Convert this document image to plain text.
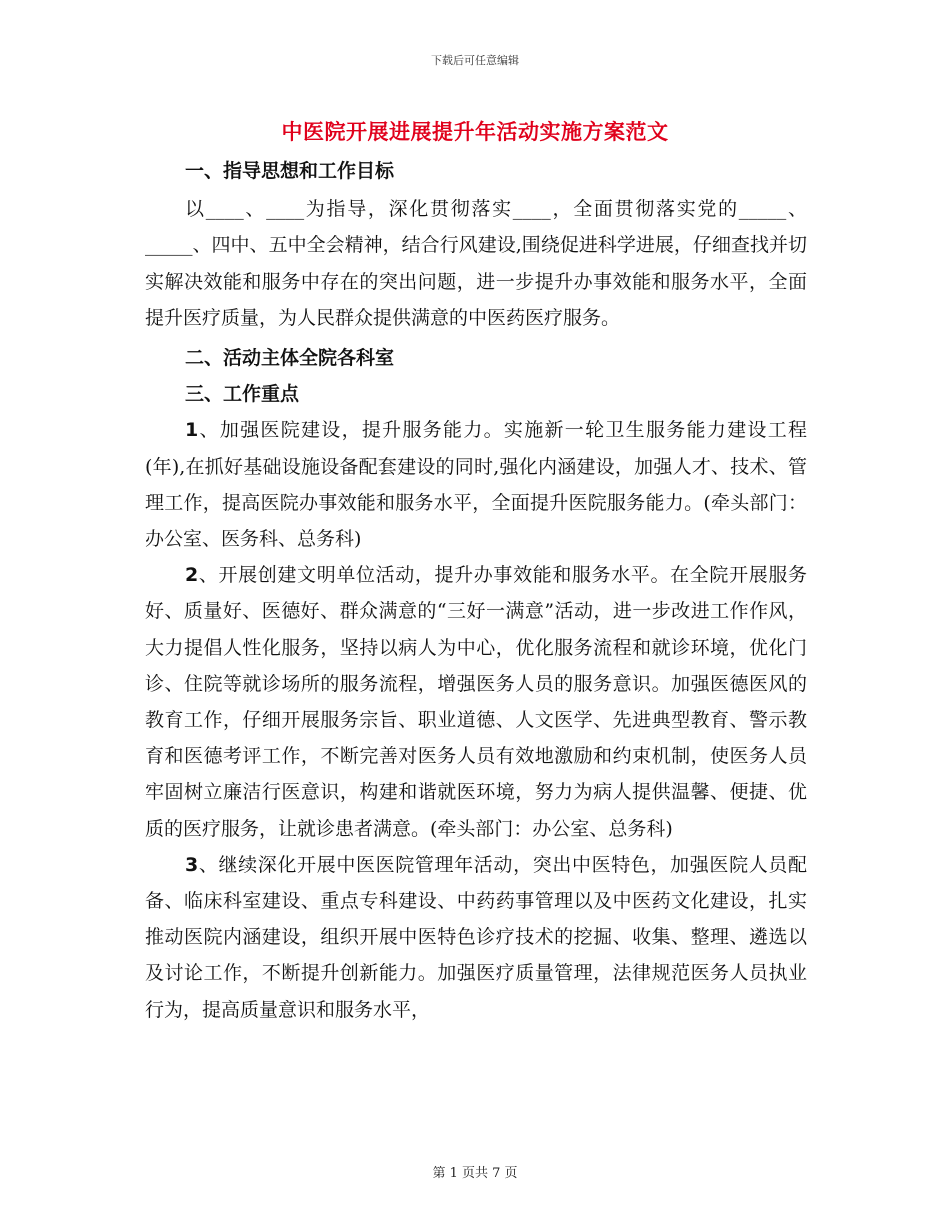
下载后可任意编辑
中医院开展进展提升年活动实施方案范文
一、指导思想和工作目标

以____、____为指导，深化贯彻落实____，全面贯彻落实党的_____、_____、四中、五中全会精神，结合行风建设,围绕促进科学进展，仔细查找并切实解决效能和服务中存在的突出问题，进一步提升办事效能和服务水平，全面提升医疗质量，为人民群众提供满意的中医药医疗服务。

二、活动主体全院各科室
三、工作重点

1、加强医院建设，提升服务能力。实施新一轮卫生服务能力建设工程(年),在抓好基础设施设备配套建设的同时,强化内涵建设，加强人才、技术、管理工作，提高医院办事效能和服务水平，全面提升医院服务能力。(牵头部门：办公室、医务科、总务科)

2、开展创建文明单位活动，提升办事效能和服务水平。在全院开展服务好、质量好、医德好、群众满意的“三好一满意”活动，进一步改进工作作风，大力提倡人性化服务，坚持以病人为中心，优化服务流程和就诊环境，优化门诊、住院等就诊场所的服务流程，增强医务人员的服务意识。加强医德医风的教育工作，仔细开展服务宗旨、职业道德、人文医学、先进典型教育、警示教育和医德考评工作，不断完善对医务人员有效地激励和约束机制，使医务人员牢固树立廉洁行医意识，构建和谐就医环境，努力为病人提供温馨、便捷、优质的医疗服务，让就诊患者满意。(牵头部门：办公室、总务科)

3、继续深化开展中医医院管理年活动，突出中医特色，加强医院人员配备、临床科室建设、重点专科建设、中药药事管理以及中医药文化建设，扎实推动医院内涵建设，组织开展中医特色诊疗技术的挖掘、收集、整理、遴选以及讨论工作，不断提升创新能力。加强医疗质量管理，法律规范医务人员执业行为，提高质量意识和服务水平，

第 1 页共 7 页
